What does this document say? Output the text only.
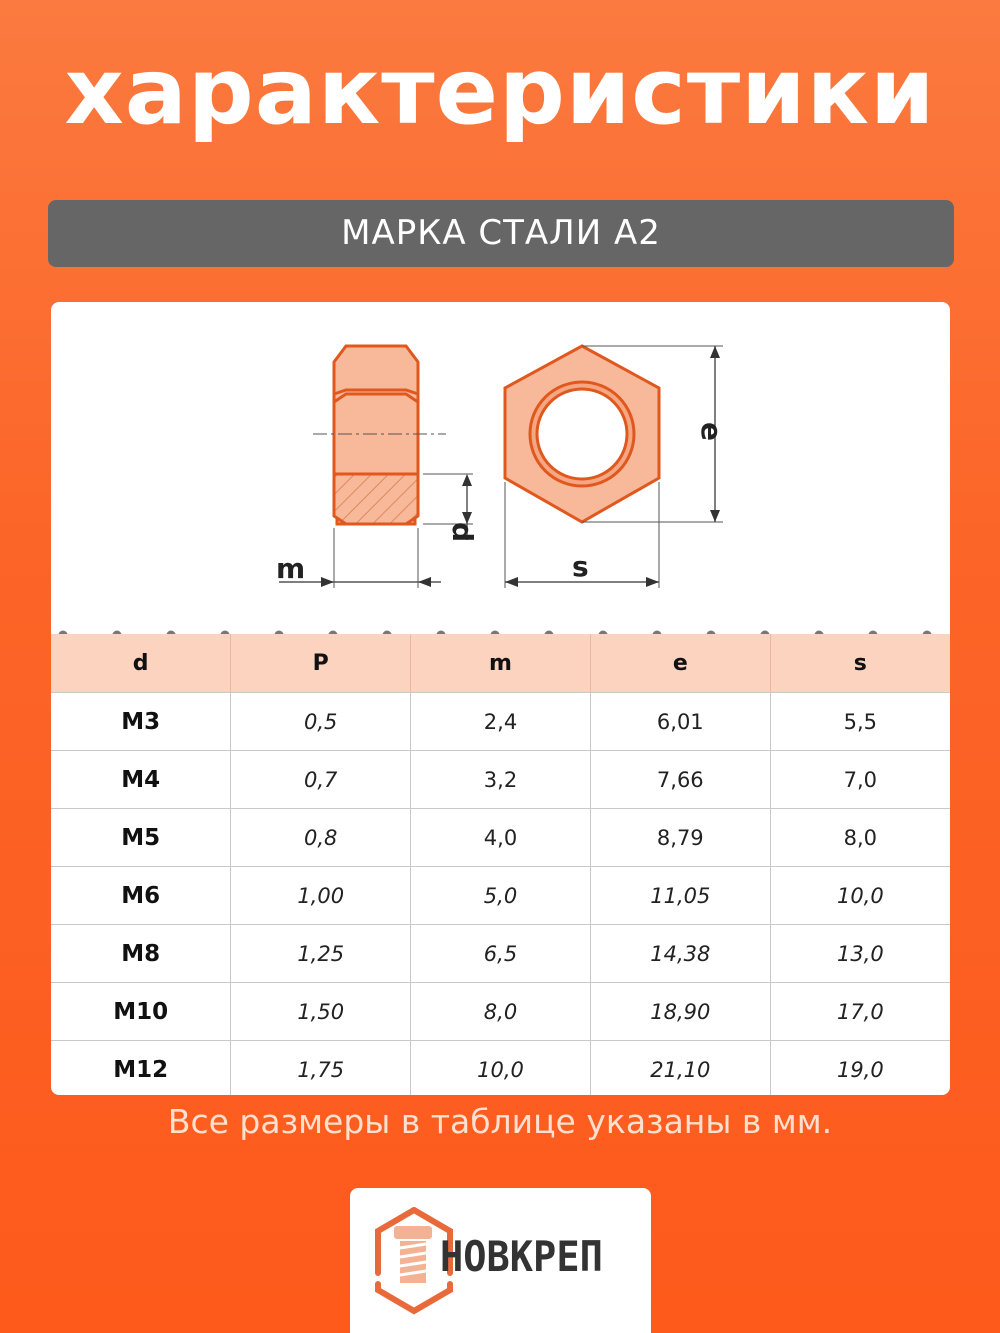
характеристики
МАРКА СТАЛИ А2
d
m
e
s
d	P	m	e	s
M3	0,5	2,4	6,01	5,5
M4	0,7	3,2	7,66	7,0
M5	0,8	4,0	8,79	8,0
M6	1,00	5,0	11,05	10,0
M8	1,25	6,5	14,38	13,0
M10	1,50	8,0	18,90	17,0
M12	1,75	10,0	21,10	19,0
Все размеры в таблице указаны в мм.
НОВКРЕП
